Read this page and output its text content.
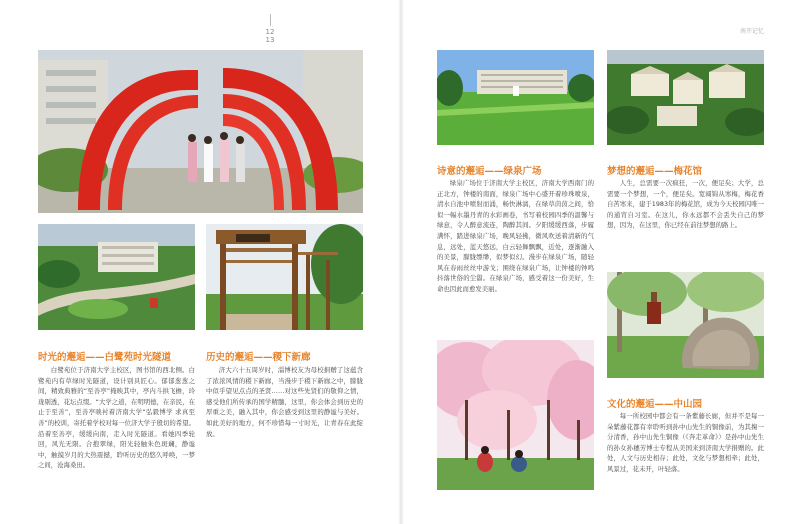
12
13
南开记忆
时光的邂逅——白鹭苑时光隧道

白鹭苑位于济南大学主校区，图书馆的西北侧。白鹭苑内有草绿时光隧道，设计别具匠心。郁郁葱葱之间，精致典雅的“至善亭”掩映其中，亭内斗拱飞檐，玲珑剔透，花坛点缀。“大学之道，在明明德，在亲民，在止于至善”，至善亭映衬着济南大学“弘毅博学 求真至善”的校训，寄托着学校对每一位济大学子殷切的希望。沿着至善亭，缓缓向南，走入时光隧道。看她四季轮回，风光无限。合抱翠绿，阳光轻触朱色斑斓，静谧中，触摸岁月的大热震撼，聆听历史的悠久呼唤，一梦之间，沧海桑田。

历史的邂逅——稷下新廊

济大六十五周岁时，淄博校友为母校捐赠了这蕴含了浓浓风情的稷下新廊，当漫步于稷下新廊之中，朦胧中似乎望见点点的圣贤……对这些先贤们的敬仰之情，感受他们所传承的国学精髓，这里，你会体会到历史的厚重之美，融入其中，你会感受到这里的静谧与美好。如此美好的地方，何不珍惜每一寸时光，让青春在此绽放。

诗意的邂逅——绿泉广场

绿泉广场位于济南大学主校区，济南大学西南门的正北方，钟楼的南面，绿泉广场中心盛开着珍珠喷泉，清水自池中喷射而涌，畅快淋漓，在绿草茵茵之间，恰似一幅水墨丹青的水彩画卷，书写着校园四季的温馨与绿意，令人醉意流连，陶醉其间。夕阳缓缓西落，步履满怀，踏进绿泉广场，晚风轻拂，微风吹送着清新的气息，远处，蓝天悠远，白云轻舞飘飘，近处，逐渐融入的美景，朦胧缥缈，似梦似幻。漫步在绿泉广场，随轻风在春雨丝丝中游戈；围绕在绿泉广场，让钟楼的钟鸣抖落世俗的尘嚣。在绿泉广场，感受着这一份美好，生命也因此而愈发美丽。

梦想的邂逅——梅花馆

人生，总需要一次疯狂，一次，便足矣；大学，总需要一个梦想，一个，便足矣。宽阔锦从寒梅，梅花香自苦寒来，建于1983年的梅花馆，成为今天校园闪唯一的通宵自习室。在这儿，你永远都不会丢失自己的梦想，因为，在这里，你已经在前往梦想的路上。

文化的邂逅——中山园

每一所校园中都会有一条紫藤长廊，但并不是每一朵紫藤花都有幸聆听到孙中山先生的铜像前，为其掬一分清香，孙中山先生铜像（《奔走革命》）是孙中山先生的孙女孙穗芳博士专程从美国来到济南大学捐赠的。此处，人文与历史相存；此处，文化与梦想相牵；此处，风景过，花未开，叶轻落。
